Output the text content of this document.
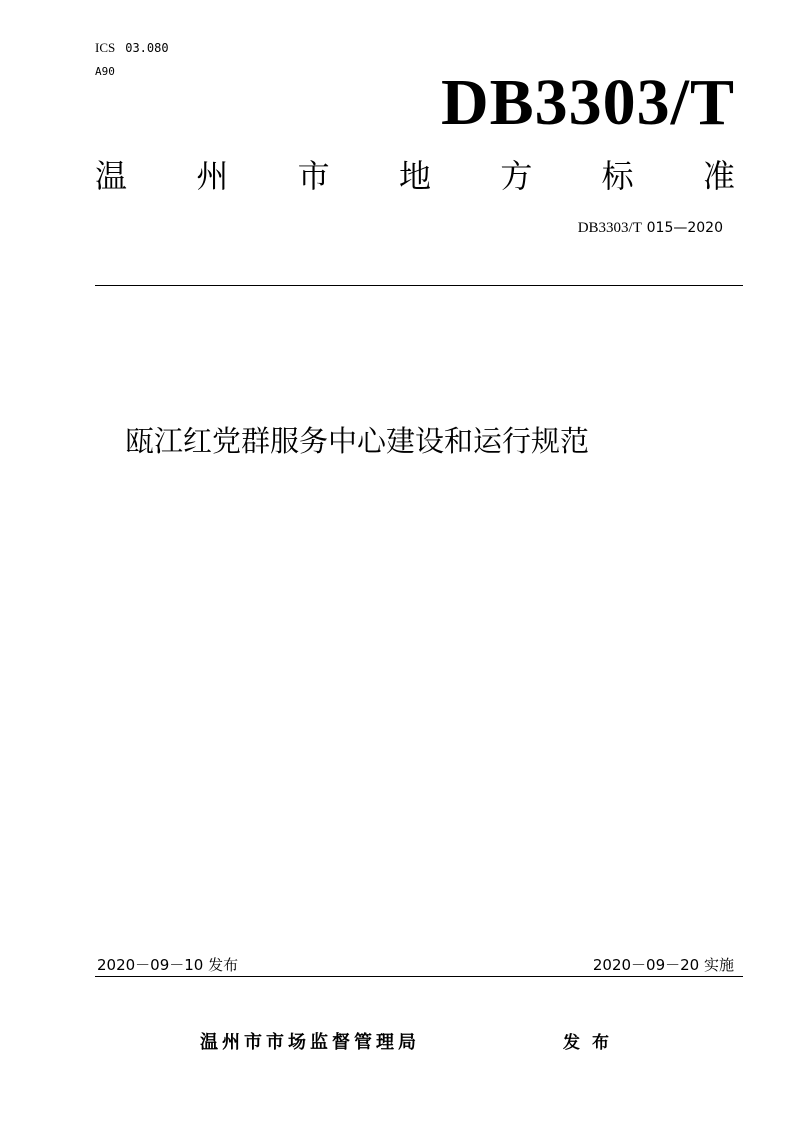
ICS 03.080
A90	DB3303/T
温 州 市 地 方 标 准
DB3303/T 015—2020
瓯江红党群服务中心建设和运行规范
2020－09－10 发布	2020－09－20 实施
温州市市场监督管理局	发布
